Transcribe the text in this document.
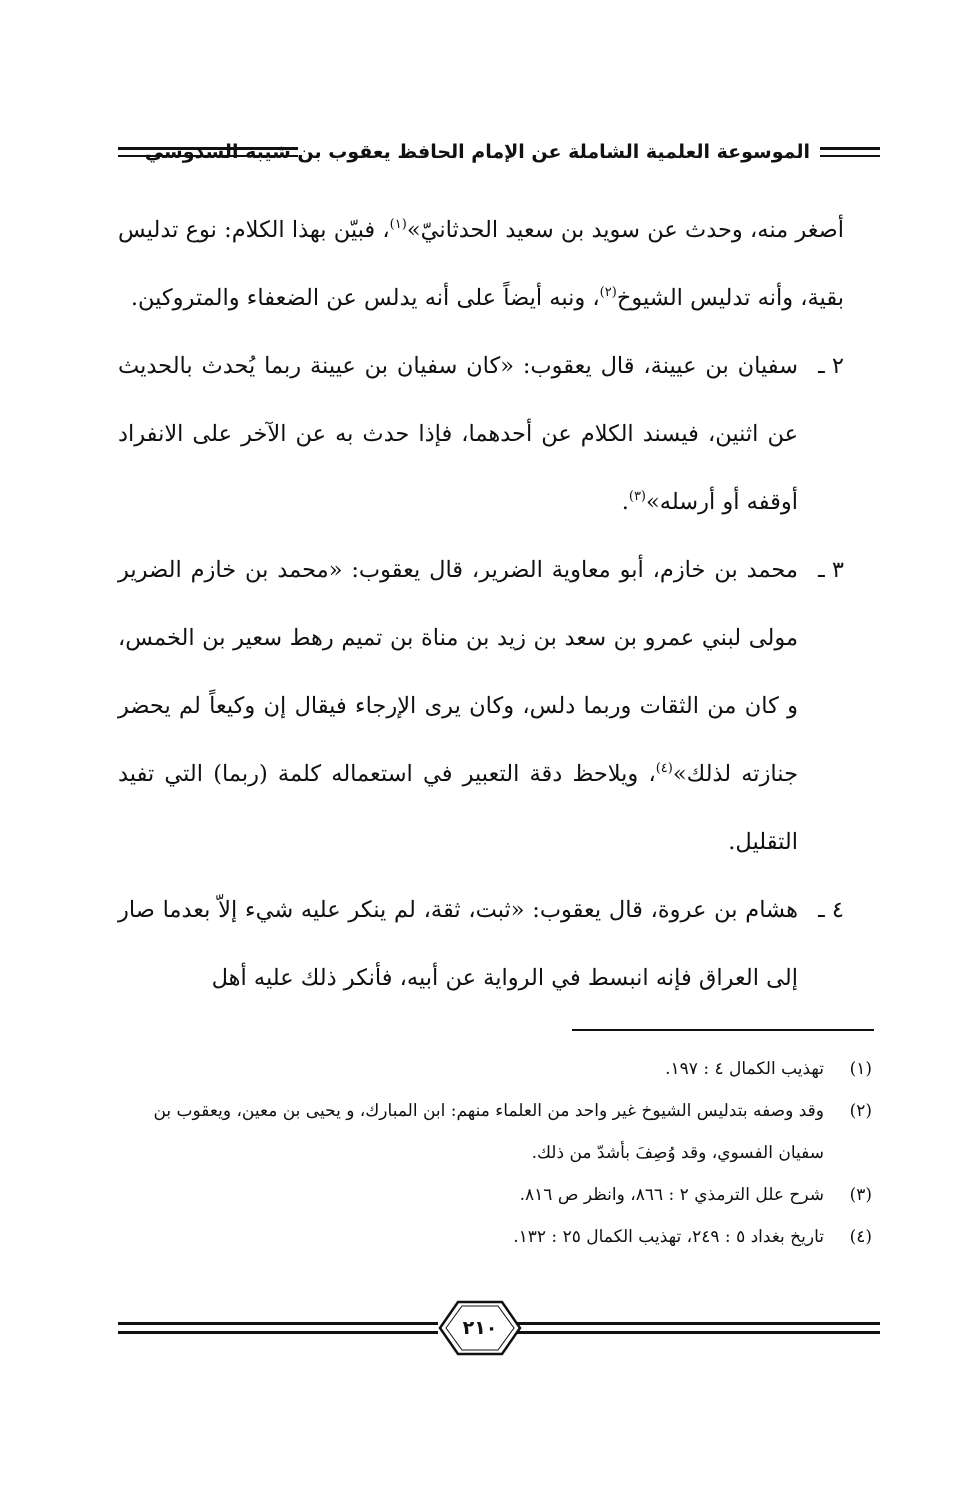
الموسوعة العلمية الشاملة عن الإمام الحافظ يعقوب بن شيبة السدوسي

أصغر منه، وحدث عن سويد بن سعيد الحدثانيّ»$^{(١)}$، فبيّن بهذا الكلام: نوع تدليس بقية، وأنه تدليس الشيوخ$^{(٢)}$، ونبه أيضاً على أنه يدلس عن الضعفاء والمتروكين.

٢ ـ
سفيان بن عيينة، قال يعقوب: «كان سفيان بن عيينة ربما يُحدث بالحديث عن اثنين، فيسند الكلام عن أحدهما، فإذا حدث به عن الآخر على الانفراد أوقفه أو أرسله»$^{(٣)}$.

٣ ـ
محمد بن خازم، أبو معاوية الضرير، قال يعقوب: «محمد بن خازم الضرير مولى لبني عمرو بن سعد بن زيد بن مناة بن تميم رهط سعير بن الخمس، و كان من الثقات وربما دلس، وكان يرى الإرجاء فيقال إن وكيعاً لم يحضر جنازته لذلك»$^{(٤)}$، ويلاحظ دقة التعبير في استعماله كلمة (ربما) التي تفيد التقليل.

٤ ـ
هشام بن عروة، قال يعقوب: «ثبت، ثقة، لم ينكر عليه شيء إلاّ بعدما صار إلى العراق فإنه انبسط في الرواية عن أبيه، فأنكر ذلك عليه أهل

(١)
تهذيب الكمال ٤ : ١٩٧.

(٢)
وقد وصفه بتدليس الشيوخ غير واحد من العلماء منهم: ابن المبارك، و يحيى بن معين، ويعقوب بن سفيان الفسوي، وقد وُصِفَ بأشدّ من ذلك.

(٣)
شرح علل الترمذي ٢ : ٨٦٦، وانظر ص ٨١٦.

(٤)
تاريخ بغداد ٥ : ٢٤٩، تهذيب الكمال ٢٥ : ١٣٢.

٢١٠
